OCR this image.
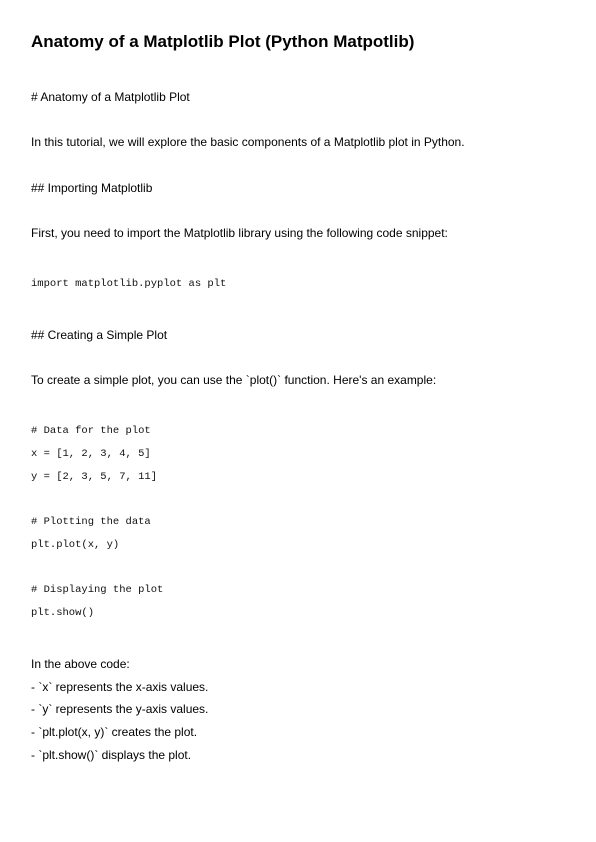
Anatomy of a Matplotlib Plot (Python Matpotlib)
# Anatomy of a Matplotlib Plot
In this tutorial, we will explore the basic components of a Matplotlib plot in Python.
## Importing Matplotlib
First, you need to import the Matplotlib library using the following code snippet:
import matplotlib.pyplot as plt
## Creating a Simple Plot
To create a simple plot, you can use the `plot()` function. Here's an example:
# Data for the plot
x = [1, 2, 3, 4, 5]
y = [2, 3, 5, 7, 11]
# Plotting the data
plt.plot(x, y)
# Displaying the plot
plt.show()
In the above code:
- `x` represents the x-axis values.
- `y` represents the y-axis values.
- `plt.plot(x, y)` creates the plot.
- `plt.show()` displays the plot.
